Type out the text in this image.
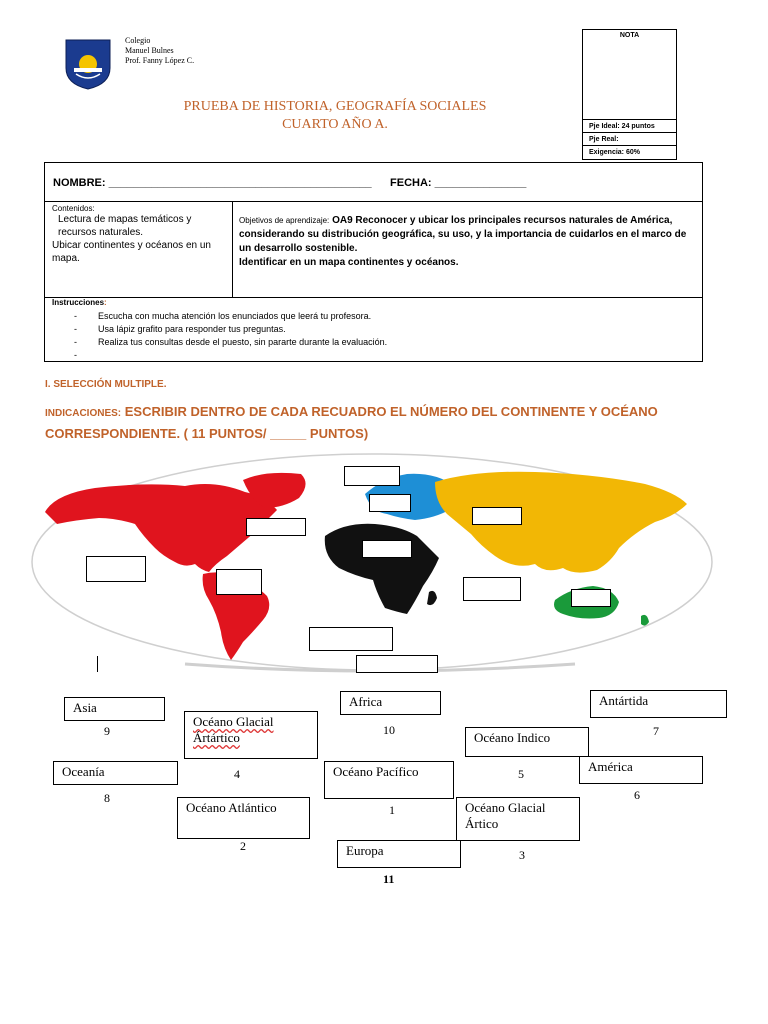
Colegio
Manuel Bulnes
Prof. Fanny López C.
PRUEBA DE HISTORIA, GEOGRAFÍA SOCIALES
CUARTO AÑO A.
NOTA
Pje Ideal: 24 puntos
Pje Real:
Exigencia: 60%
NOMBRE: ___________________________________________ FECHA: _______________
Contenidos:
Lectura de mapas temáticos y recursos naturales.
Ubicar continentes y océanos en un mapa.
Objetivos de aprendizaje: OA9 Reconocer y ubicar los principales recursos naturales de América, considerando su distribución geográfica, su uso, y la importancia de cuidarlos en el marco de un desarrollo sostenible.
Identificar en un mapa continentes y océanos.
Instrucciones:
-	Escucha con mucha atención los enunciados que leerá tu profesora.
-	Usa lápiz grafito para responder tus preguntas.
-	Realiza tus consultas desde el puesto, sin pararte durante la evaluación.
-
I. SELECCIÓN MULTIPLE.
INDICACIONES: ESCRIBIR DENTRO DE CADA RECUADRO EL NÚMERO DEL CONTINENTE Y OCÉANO CORRESPONDIENTE. ( 11 PUNTOS/ _____ PUNTOS)
Asia
9
Océano Glacial Ártártico
4
Africa
10
Antártida
7
Océano Indico
5
Oceanía
8
Océano Pacífico
1
América
6
Océano Atlántico
2
Océano Glacial Ártico
3
Europa
11
